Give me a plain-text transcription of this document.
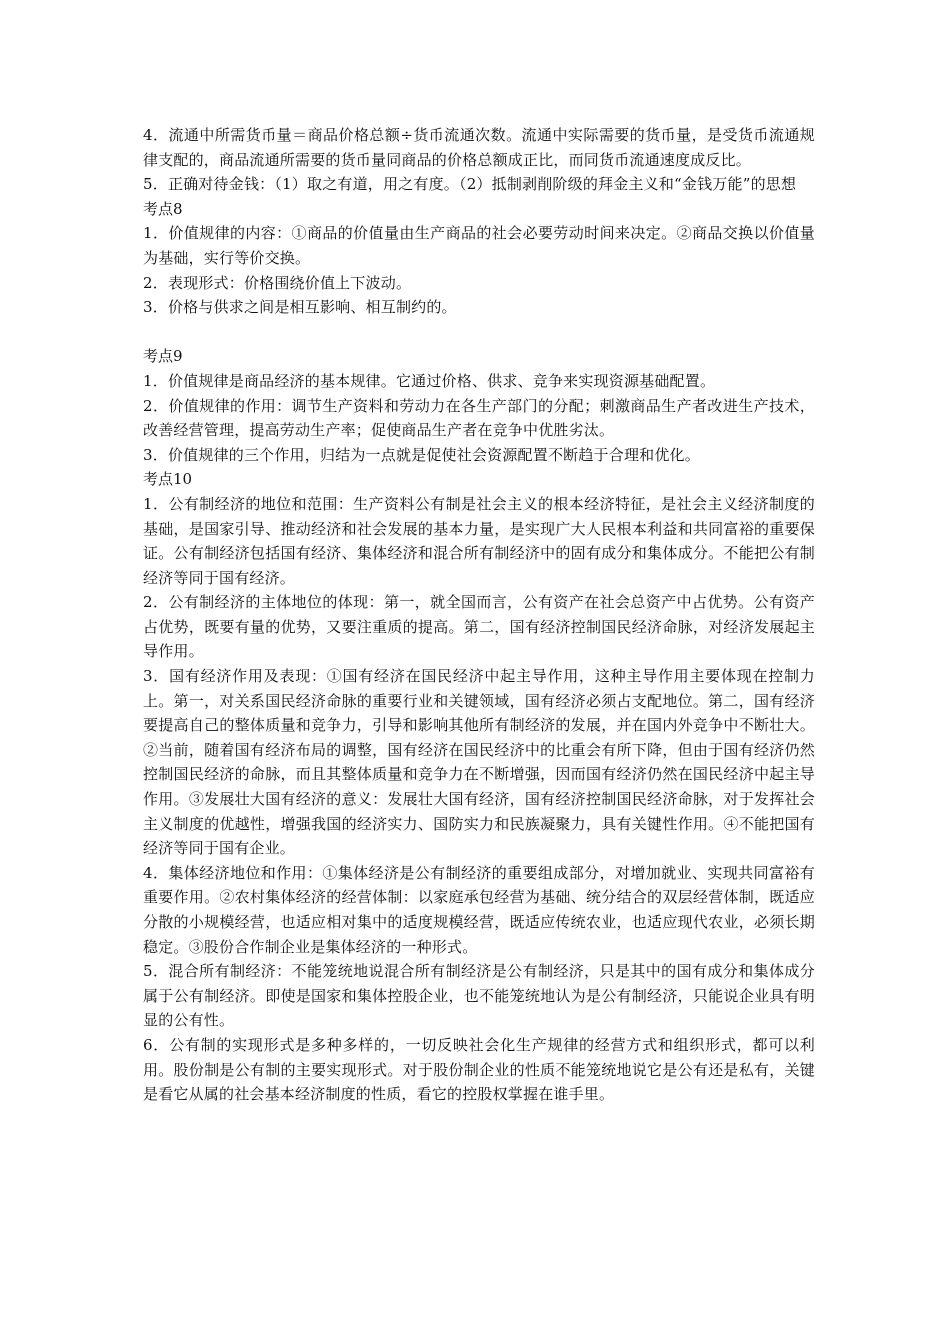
4．流通中所需货币量＝商品价格总额÷货币流通次数。流通中实际需要的货币量，是受货币流通规律支配的，商品流通所需要的货币量同商品的价格总额成正比，而同货币流通速度成反比。

5．正确对待金钱：（1）取之有道，用之有度。（2）抵制剥削阶级的拜金主义和“金钱万能”的思想

考点8

1．价值规律的内容：①商品的价值量由生产商品的社会必要劳动时间来决定。②商品交换以价值量为基础，实行等价交换。

2．表现形式：价格围绕价值上下波动。

3．价格与供求之间是相互影响、相互制约的。

考点9

1．价值规律是商品经济的基本规律。它通过价格、供求、竞争来实现资源基础配置。

2．价值规律的作用：调节生产资料和劳动力在各生产部门的分配；刺激商品生产者改进生产技术，改善经营管理，提高劳动生产率；促使商品生产者在竞争中优胜劣汰。

3．价值规律的三个作用，归结为一点就是促使社会资源配置不断趋于合理和优化。

考点10

1．公有制经济的地位和范围：生产资料公有制是社会主义的根本经济特征，是社会主义经济制度的基础，是国家引导、推动经济和社会发展的基本力量，是实现广大人民根本利益和共同富裕的重要保证。公有制经济包括国有经济、集体经济和混合所有制经济中的固有成分和集体成分。不能把公有制经济等同于国有经济。

2．公有制经济的主体地位的体现：第一，就全国而言，公有资产在社会总资产中占优势。公有资产占优势，既要有量的优势，又要注重质的提高。第二，国有经济控制国民经济命脉，对经济发展起主导作用。

3．国有经济作用及表现：①国有经济在国民经济中起主导作用，这种主导作用主要体现在控制力上。第一，对关系国民经济命脉的重要行业和关键领域，国有经济必须占支配地位。第二，国有经济要提高自己的整体质量和竞争力，引导和影响其他所有制经济的发展，并在国内外竞争中不断壮大。②当前，随着国有经济布局的调整，国有经济在国民经济中的比重会有所下降，但由于国有经济仍然控制国民经济的命脉，而且其整体质量和竞争力在不断增强，因而国有经济仍然在国民经济中起主导作用。③发展壮大国有经济的意义：发展壮大国有经济，国有经济控制国民经济命脉，对于发挥社会主义制度的优越性，增强我国的经济实力、国防实力和民族凝聚力，具有关键性作用。④不能把国有经济等同于国有企业。

4．集体经济地位和作用：①集体经济是公有制经济的重要组成部分，对增加就业、实现共同富裕有重要作用。②农村集体经济的经营体制：以家庭承包经营为基础、统分结合的双层经营体制，既适应分散的小规模经营，也适应相对集中的适度规模经营，既适应传统农业，也适应现代农业，必须长期稳定。③股份合作制企业是集体经济的一种形式。

5．混合所有制经济：不能笼统地说混合所有制经济是公有制经济，只是其中的国有成分和集体成分属于公有制经济。即使是国家和集体控股企业，也不能笼统地认为是公有制经济，只能说企业具有明显的公有性。

6．公有制的实现形式是多种多样的，一切反映社会化生产规律的经营方式和组织形式，都可以利用。股份制是公有制的主要实现形式。对于股份制企业的性质不能笼统地说它是公有还是私有，关键是看它从属的社会基本经济制度的性质，看它的控股权掌握在谁手里。
